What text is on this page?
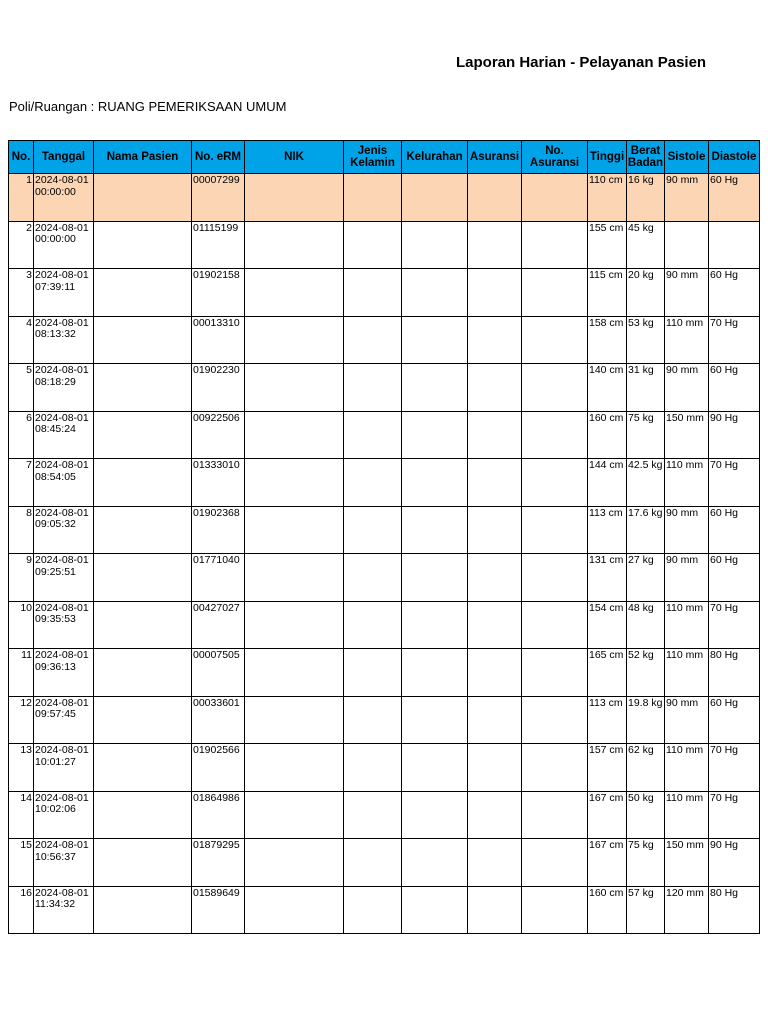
Laporan Harian - Pelayanan Pasien
Poli/Ruangan : RUANG PEMERIKSAAN UMUM
No.	Tanggal	Nama Pasien	No. eRM	NIK	Jenis Kelamin	Kelurahan	Asuransi	No. Asuransi	Tinggi	Berat Badan	Sistole	Diastole
1	2024-08-01 00:00:00		00007299						110 cm	16 kg	90 mm	60 Hg
2	2024-08-01 00:00:00		01115199						155 cm	45 kg		
3	2024-08-01 07:39:11		01902158						115 cm	20 kg	90 mm	60 Hg
4	2024-08-01 08:13:32		00013310						158 cm	53 kg	110 mm	70 Hg
5	2024-08-01 08:18:29		01902230						140 cm	31 kg	90 mm	60 Hg
6	2024-08-01 08:45:24		00922506						160 cm	75 kg	150 mm	90 Hg
7	2024-08-01 08:54:05		01333010						144 cm	42.5 kg	110 mm	70 Hg
8	2024-08-01 09:05:32		01902368						113 cm	17.6 kg	90 mm	60 Hg
9	2024-08-01 09:25:51		01771040						131 cm	27 kg	90 mm	60 Hg
10	2024-08-01 09:35:53		00427027						154 cm	48 kg	110 mm	70 Hg
11	2024-08-01 09:36:13		00007505						165 cm	52 kg	110 mm	80 Hg
12	2024-08-01 09:57:45		00033601						113 cm	19.8 kg	90 mm	60 Hg
13	2024-08-01 10:01:27		01902566						157 cm	62 kg	110 mm	70 Hg
14	2024-08-01 10:02:06		01864986						167 cm	50 kg	110 mm	70 Hg
15	2024-08-01 10:56:37		01879295						167 cm	75 kg	150 mm	90 Hg
16	2024-08-01 11:34:32		01589649						160 cm	57 kg	120 mm	80 Hg
